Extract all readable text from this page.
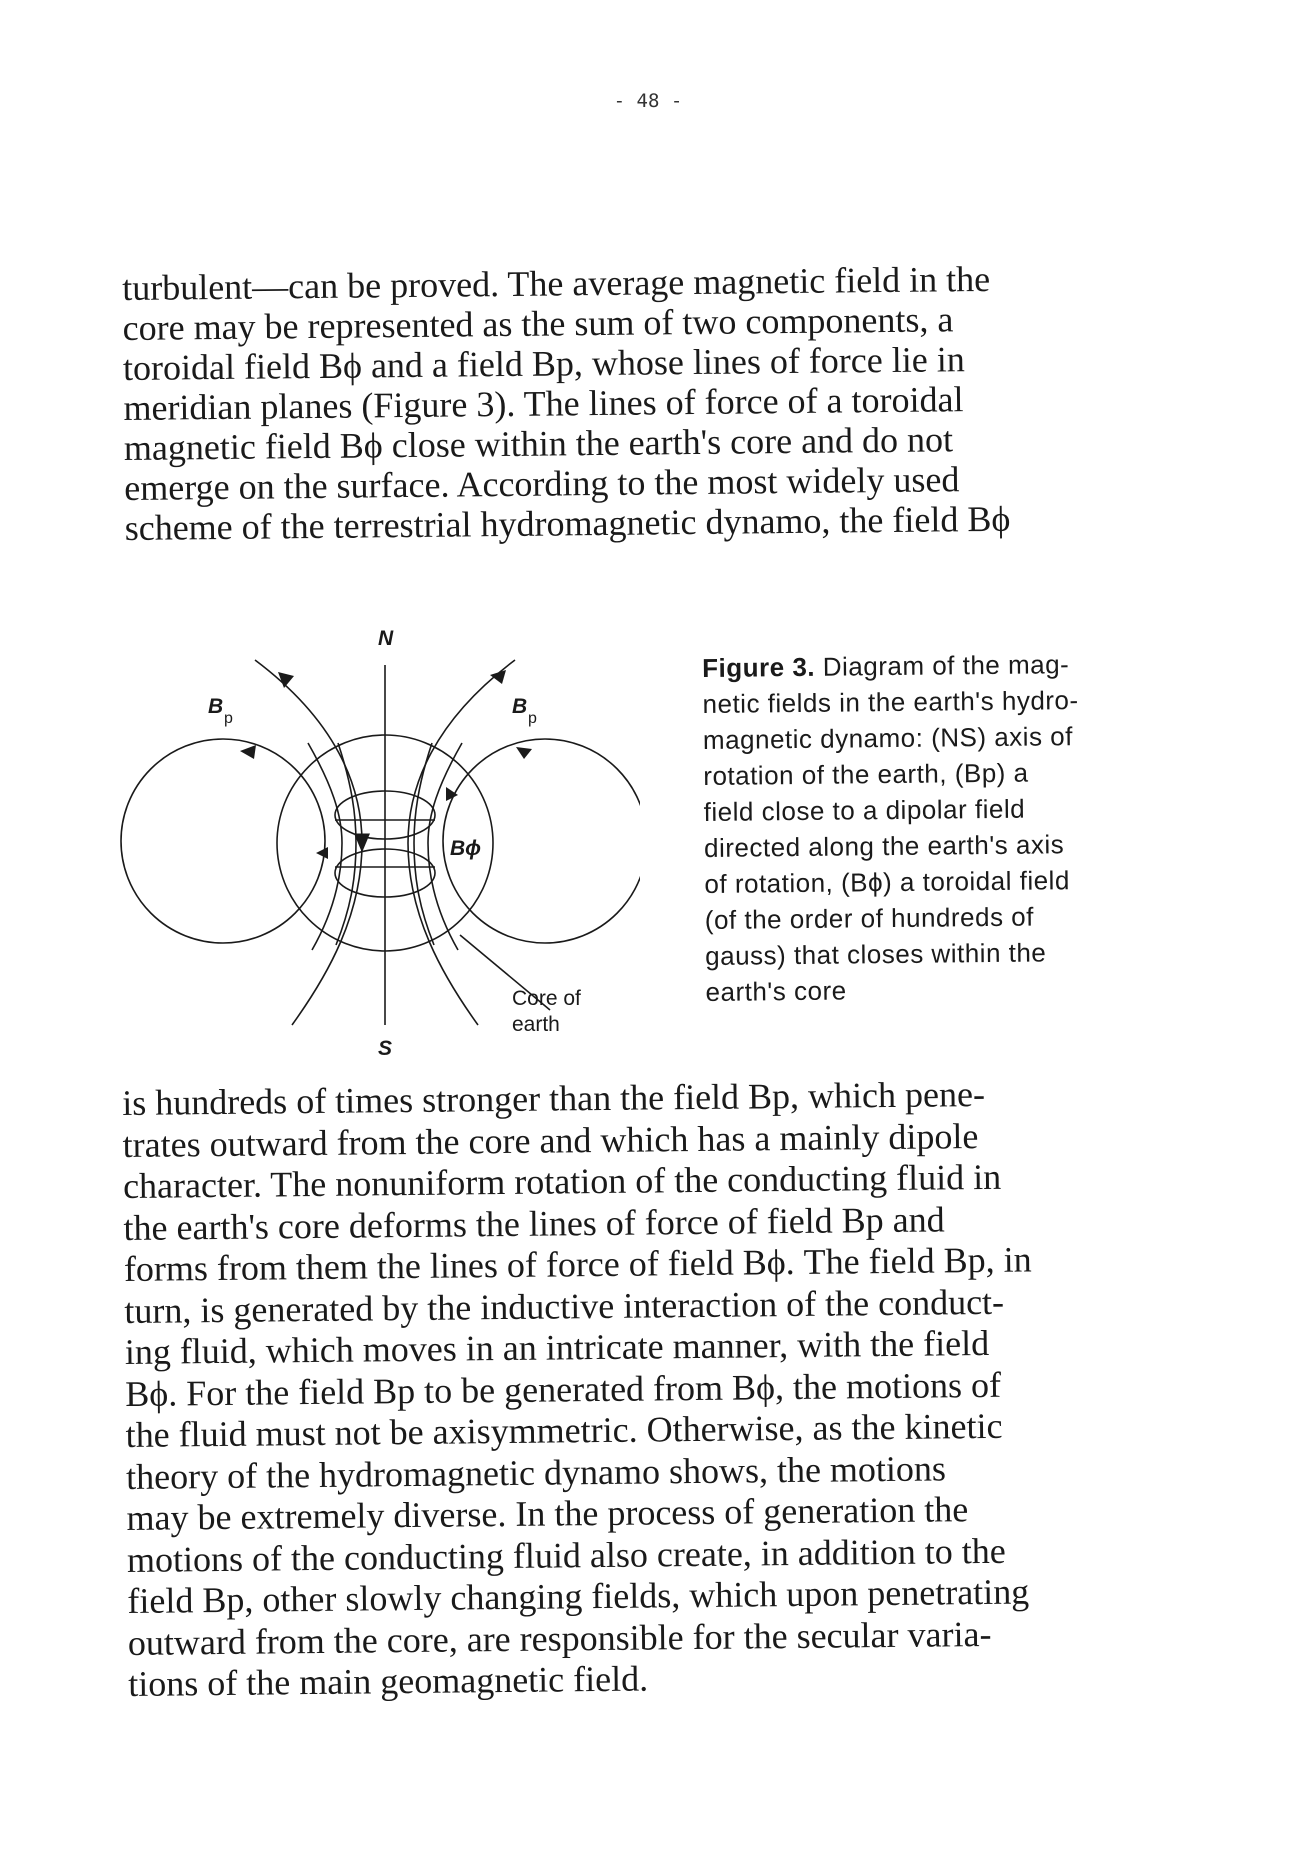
- 48 -
turbulent—can be proved. The average magnetic field in the
core may be represented as the sum of two components, a
toroidal field Bϕ and a field Bp, whose lines of force lie in
meridian planes (Figure 3). The lines of force of a toroidal
magnetic field Bϕ close within the earth's core and do not
emerge on the surface. According to the most widely used
scheme of the terrestrial hydromagnetic dynamo, the field Bϕ
N
S
B
p
B
p
Bϕ
Core of
earth
Figure 3. Diagram of the mag-
netic fields in the earth's hydro-
magnetic dynamo: (NS) axis of
rotation of the earth, (Bp) a
field close to a dipolar field
directed along the earth's axis
of rotation, (Bϕ) a toroidal field
(of the order of hundreds of
gauss) that closes within the
earth's core
is hundreds of times stronger than the field Bp, which pene-
trates outward from the core and which has a mainly dipole
character. The nonuniform rotation of the conducting fluid in
the earth's core deforms the lines of force of field Bp and
forms from them the lines of force of field Bϕ. The field Bp, in
turn, is generated by the inductive interaction of the conduct-
ing fluid, which moves in an intricate manner, with the field
Bϕ. For the field Bp to be generated from Bϕ, the motions of
the fluid must not be axisymmetric. Otherwise, as the kinetic
theory of the hydromagnetic dynamo shows, the motions
may be extremely diverse. In the process of generation the
motions of the conducting fluid also create, in addition to the
field Bp, other slowly changing fields, which upon penetrating
outward from the core, are responsible for the secular varia-
tions of the main geomagnetic field.
